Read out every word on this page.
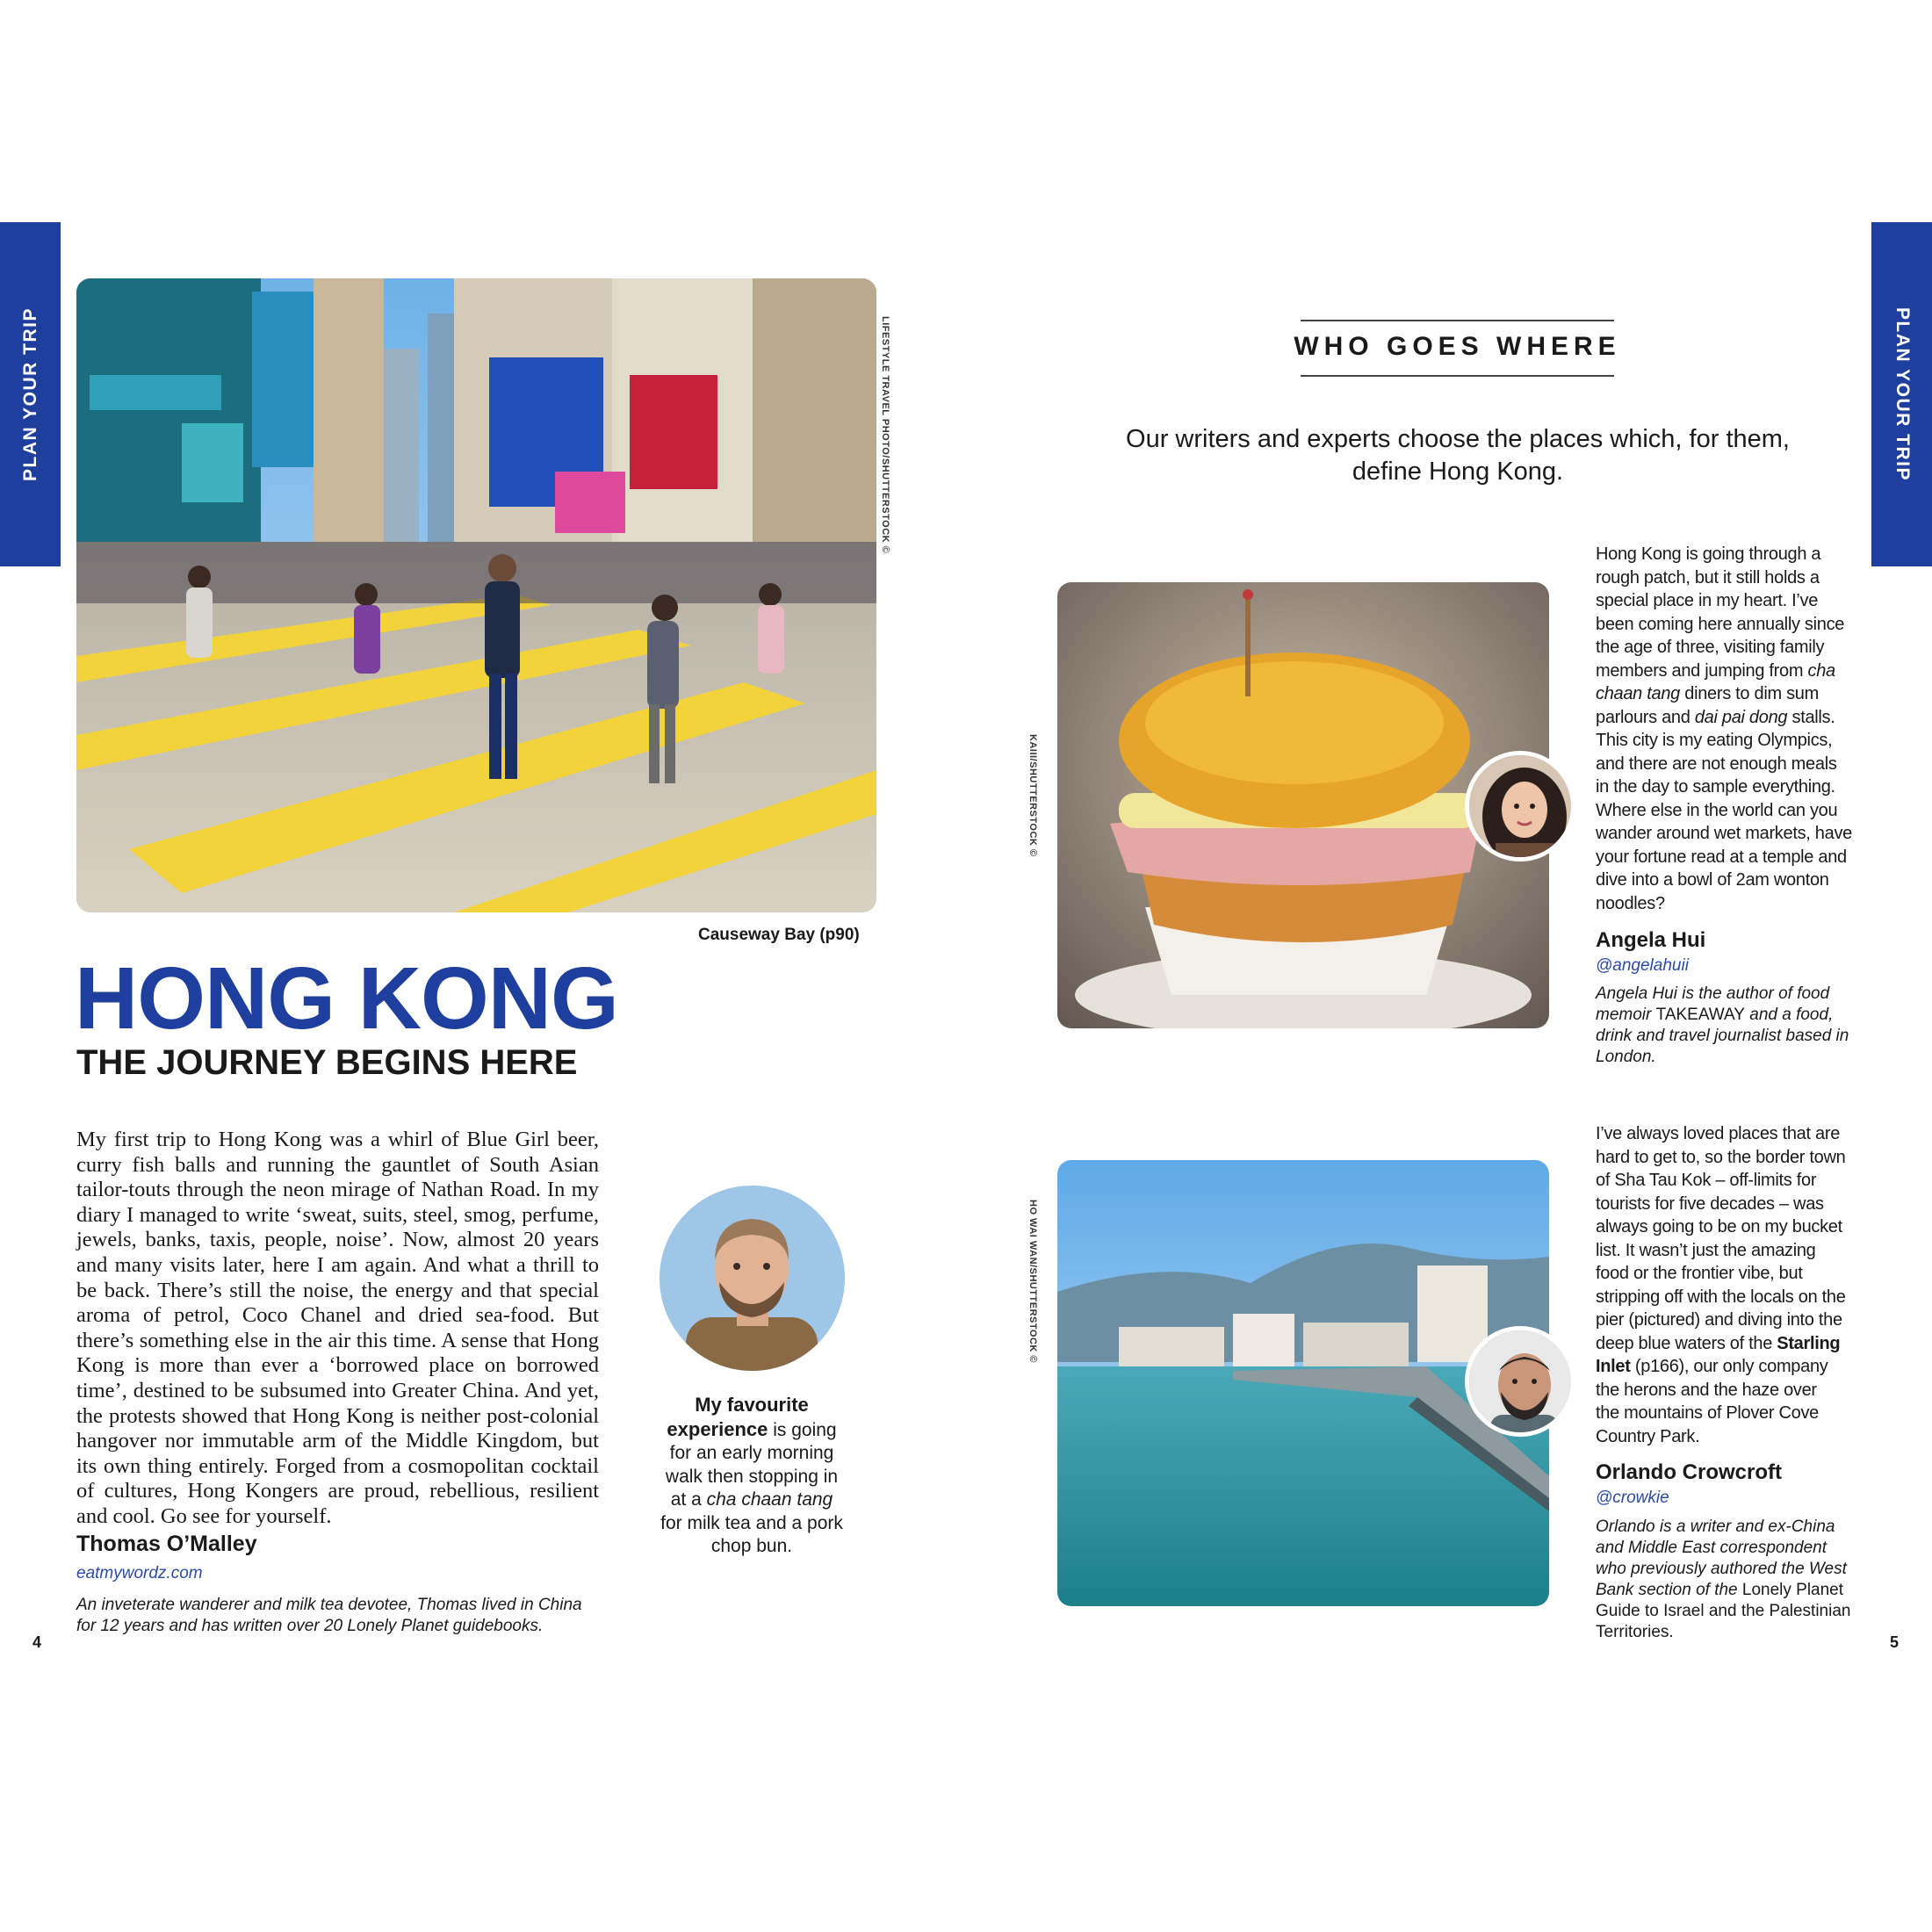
PLAN YOUR TRIP	PLAN YOUR TRIP
LIFESTYLE TRAVEL PHOTO/SHUTTERSTOCK ©
Causeway Bay (p90)
HONG KONG
THE JOURNEY BEGINS HERE
My first trip to Hong Kong was a whirl of Blue Girl beer, curry fish balls and running the gauntlet of South Asian tailor-touts through the neon mirage of Nathan Road. In my diary I managed to write ‘sweat, suits, steel, smog, perfume, jewels, banks, taxis, people, noise’. Now, almost 20 years and many visits later, here I am again. And what a thrill to be back. There’s still the noise, the energy and that special aroma of petrol, Coco Chanel and dried sea-food. But there’s something else in the air this time. A sense that Hong Kong is more than ever a ‘borrowed place on borrowed time’, destined to be subsumed into Greater China. And yet, the protests showed that Hong Kong is neither post-colonial hangover nor immutable arm of the Middle Kingdom, but its own thing entirely. Forged from a cosmopolitan cocktail of cultures, Hong Kongers are proud, rebellious, resilient and cool. Go see for yourself.
Thomas O’Malley
eatmywordz.com
An inveterate wanderer and milk tea devotee, Thomas lived in China
for 12 years and has written over 20 Lonely Planet guidebooks.
4
My favourite
experience is going
for an early morning
walk then stopping in
at a cha chaan tang
for milk tea and a pork
chop bun.
WHO GOES WHERE
Our writers and experts choose the places which, for them,
define Hong Kong.
KAIII/SHUTTERSTOCK ©
Hong Kong is going through a
rough patch, but it still holds a
special place in my heart. I’ve
been coming here annually since
the age of three, visiting family
members and jumping from cha
chaan tang diners to dim sum
parlours and dai pai dong stalls.
This city is my eating Olympics,
and there are not enough meals
in the day to sample everything.
Where else in the world can you
wander around wet markets, have
your fortune read at a temple and
dive into a bowl of 2am wonton
noodles?
Angela Hui
@angelahuii
Angela Hui is the author of food
memoir TAKEAWAY and a food,
drink and travel journalist based in
London.
HO WAI WAN/SHUTTERSTOCK ©
I’ve always loved places that are
hard to get to, so the border town
of Sha Tau Kok – off-limits for
tourists for five decades – was
always going to be on my bucket
list. It wasn’t just the amazing
food or the frontier vibe, but
stripping off with the locals on the
pier (pictured) and diving into the
deep blue waters of the Starling
Inlet (p166), our only company
the herons and the haze over
the mountains of Plover Cove
Country Park.
Orlando Crowcroft
@crowkie
Orlando is a writer and ex-China
and Middle East correspondent
who previously authored the West
Bank section of the Lonely Planet
Guide to Israel and the Palestinian
Territories.
5
